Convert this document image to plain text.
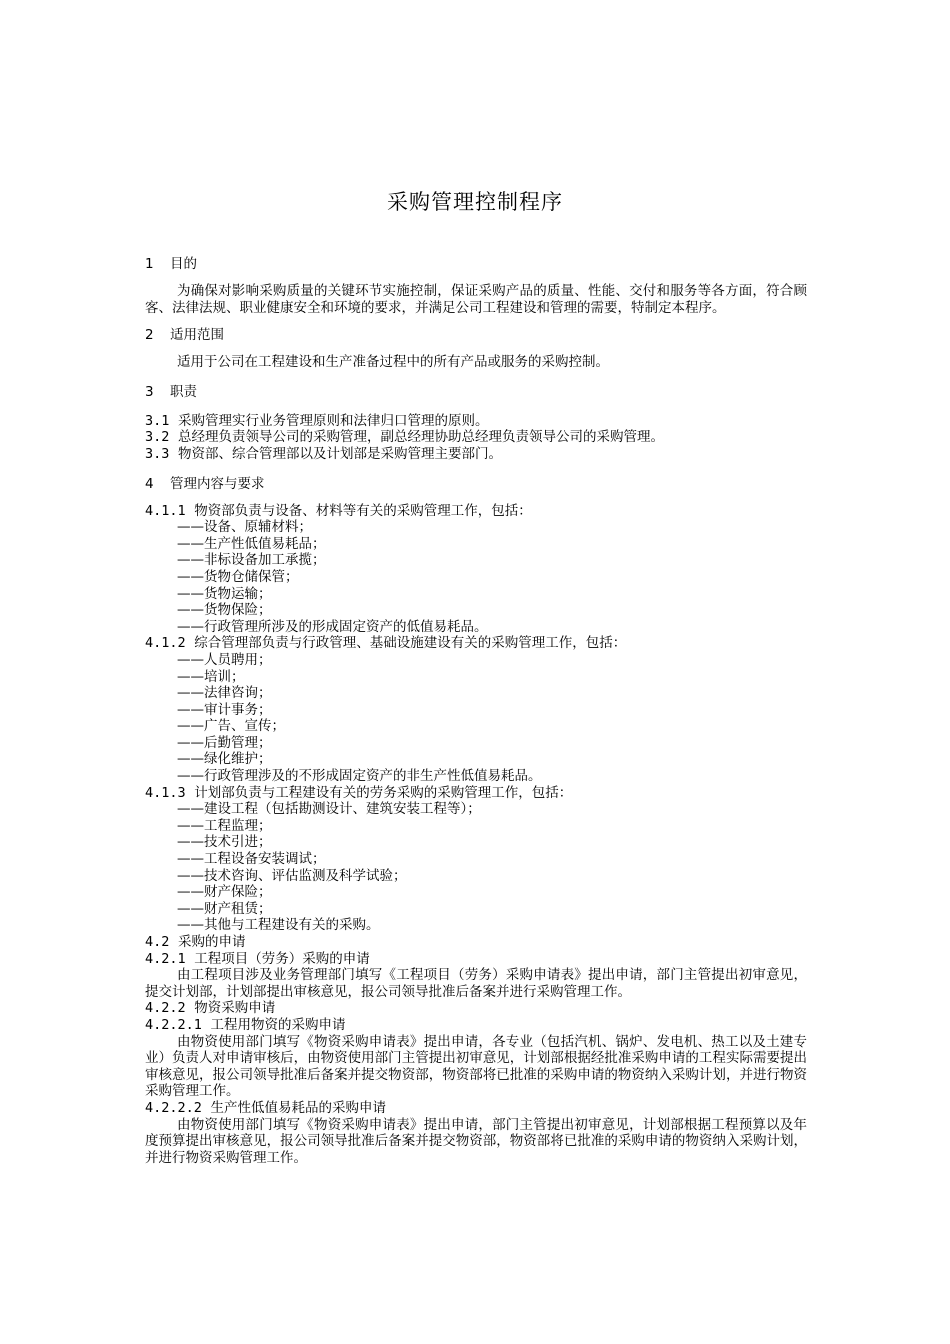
采购管理控制程序
1 目的

为确保对影响采购质量的关键环节实施控制，保证采购产品的质量、性能、交付和服务等各方面，符合顾客、法律法规、职业健康安全和环境的要求，并满足公司工程建设和管理的需要，特制定本程序。

2 适用范围

适用于公司在工程建设和生产准备过程中的所有产品或服务的采购控制。

3 职责
3.1 采购管理实行业务管理原则和法律归口管理的原则。
3.2 总经理负责领导公司的采购管理，副总经理协助总经理负责领导公司的采购管理。
3.3 物资部、综合管理部以及计划部是采购管理主要部门。
4 管理内容与要求
4.1.1 物资部负责与设备、材料等有关的采购管理工作，包括：
——设备、原辅材料；
——生产性低值易耗品；
——非标设备加工承揽；
——货物仓储保管；
——货物运输；
——货物保险；
——行政管理所涉及的形成固定资产的低值易耗品。
4.1.2 综合管理部负责与行政管理、基础设施建设有关的采购管理工作，包括：
——人员聘用；
——培训；
——法律咨询；
——审计事务；
——广告、宣传；
——后勤管理；
——绿化维护；
——行政管理涉及的不形成固定资产的非生产性低值易耗品。
4.1.3 计划部负责与工程建设有关的劳务采购的采购管理工作，包括：
——建设工程（包括勘测设计、建筑安装工程等）；
——工程监理；
——技术引进；
——工程设备安装调试；
——技术咨询、评估监测及科学试验；
——财产保险；
——财产租赁；
——其他与工程建设有关的采购。
4.2 采购的申请
4.2.1 工程项目（劳务）采购的申请

由工程项目涉及业务管理部门填写《工程项目（劳务）采购申请表》提出申请，部门主管提出初审意见，提交计划部，计划部提出审核意见，报公司领导批准后备案并进行采购管理工作。

4.2.2 物资采购申请
4.2.2.1 工程用物资的采购申请

由物资使用部门填写《物资采购申请表》提出申请，各专业（包括汽机、锅炉、发电机、热工以及土建专业）负责人对申请审核后，由物资使用部门主管提出初审意见，计划部根据经批准采购申请的工程实际需要提出审核意见，报公司领导批准后备案并提交物资部，物资部将已批准的采购申请的物资纳入采购计划，并进行物资采购管理工作。

4.2.2.2 生产性低值易耗品的采购申请

由物资使用部门填写《物资采购申请表》提出申请，部门主管提出初审意见，计划部根据工程预算以及年度预算提出审核意见，报公司领导批准后备案并提交物资部，物资部将已批准的采购申请的物资纳入采购计划，并进行物资采购管理工作。
